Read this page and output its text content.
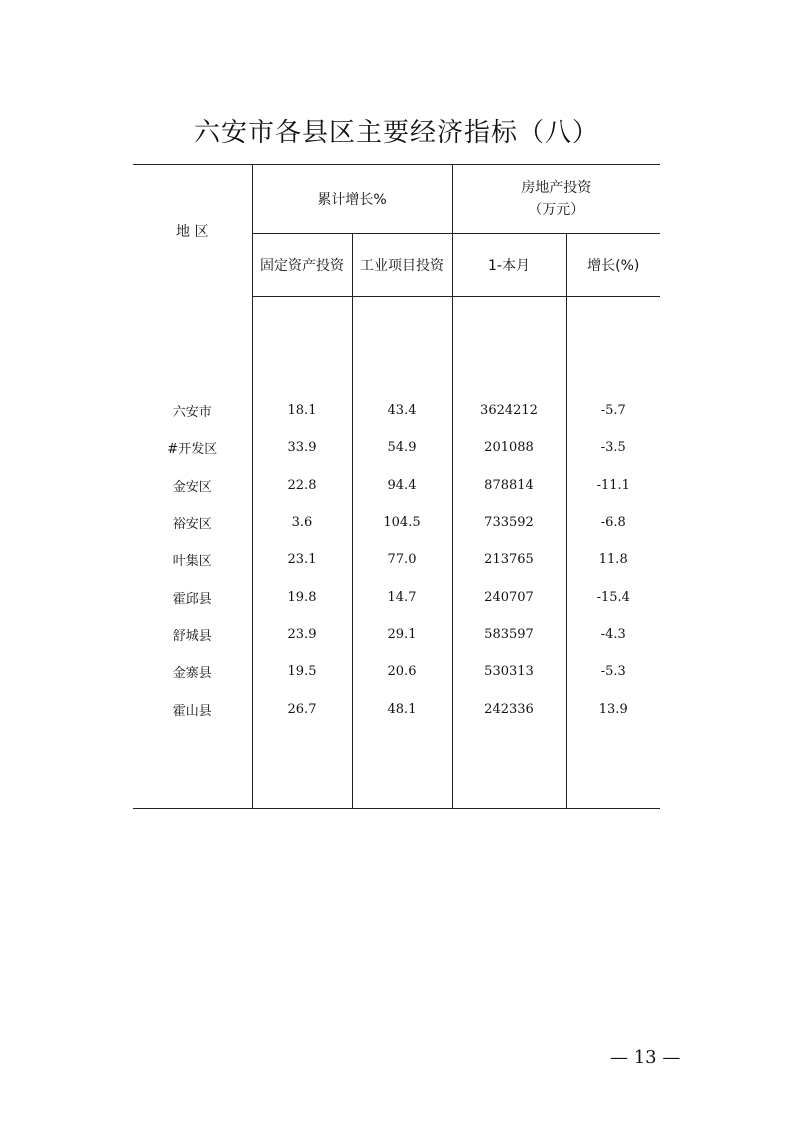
六安市各县区主要经济指标（八）
地 区	累计增长%		房地产投资
（万元）	

	固定资产投资	工业项目投资	1-本月	增长(%)

六安市	18.1	43.4	3624212	-5.7
#开发区	33.9	54.9	201088	-3.5
金安区	22.8	94.4	878814	-11.1
裕安区	3.6	104.5	733592	-6.8
叶集区	23.1	77.0	213765	11.8
霍邱县	19.8	14.7	240707	-15.4
舒城县	23.9	29.1	583597	-4.3
金寨县	19.5	20.6	530313	-5.3
霍山县	26.7	48.1	242336	13.9

— 13 —
